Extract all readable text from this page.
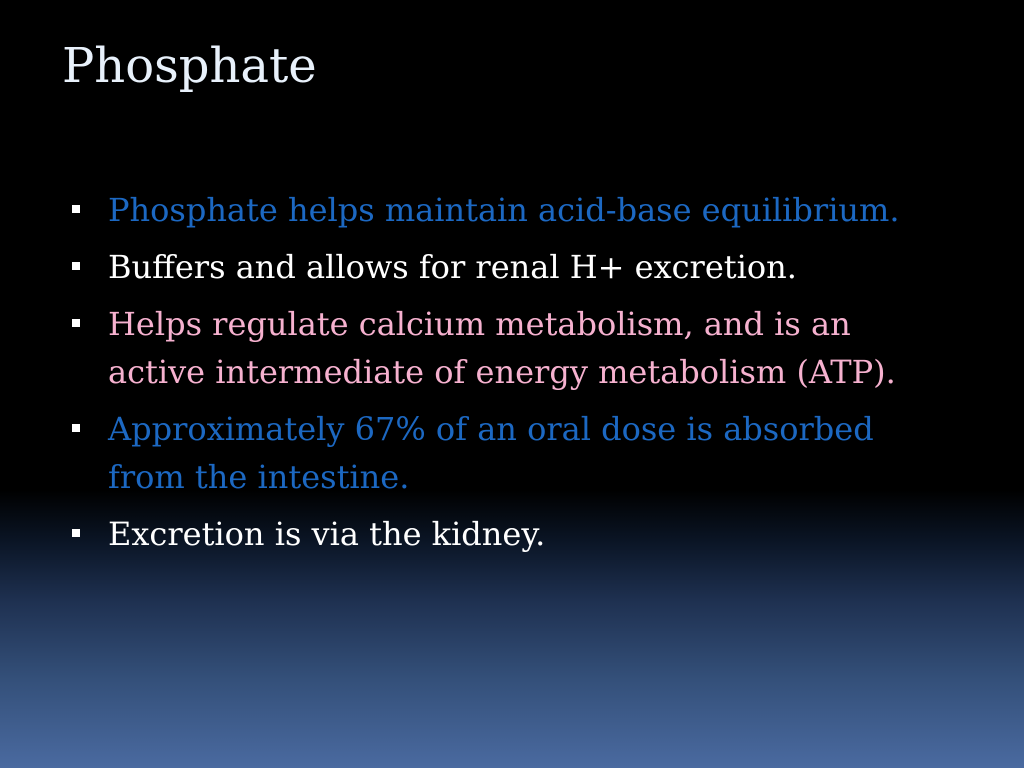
Phosphate
Phosphate helps maintain acid-base equilibrium.
Buffers and allows for renal H+ excretion.
Helps regulate calcium metabolism, and is an active intermediate of energy metabolism (ATP).
Approximately 67% of an oral dose is absorbed from the intestine.
Excretion is via the kidney.
